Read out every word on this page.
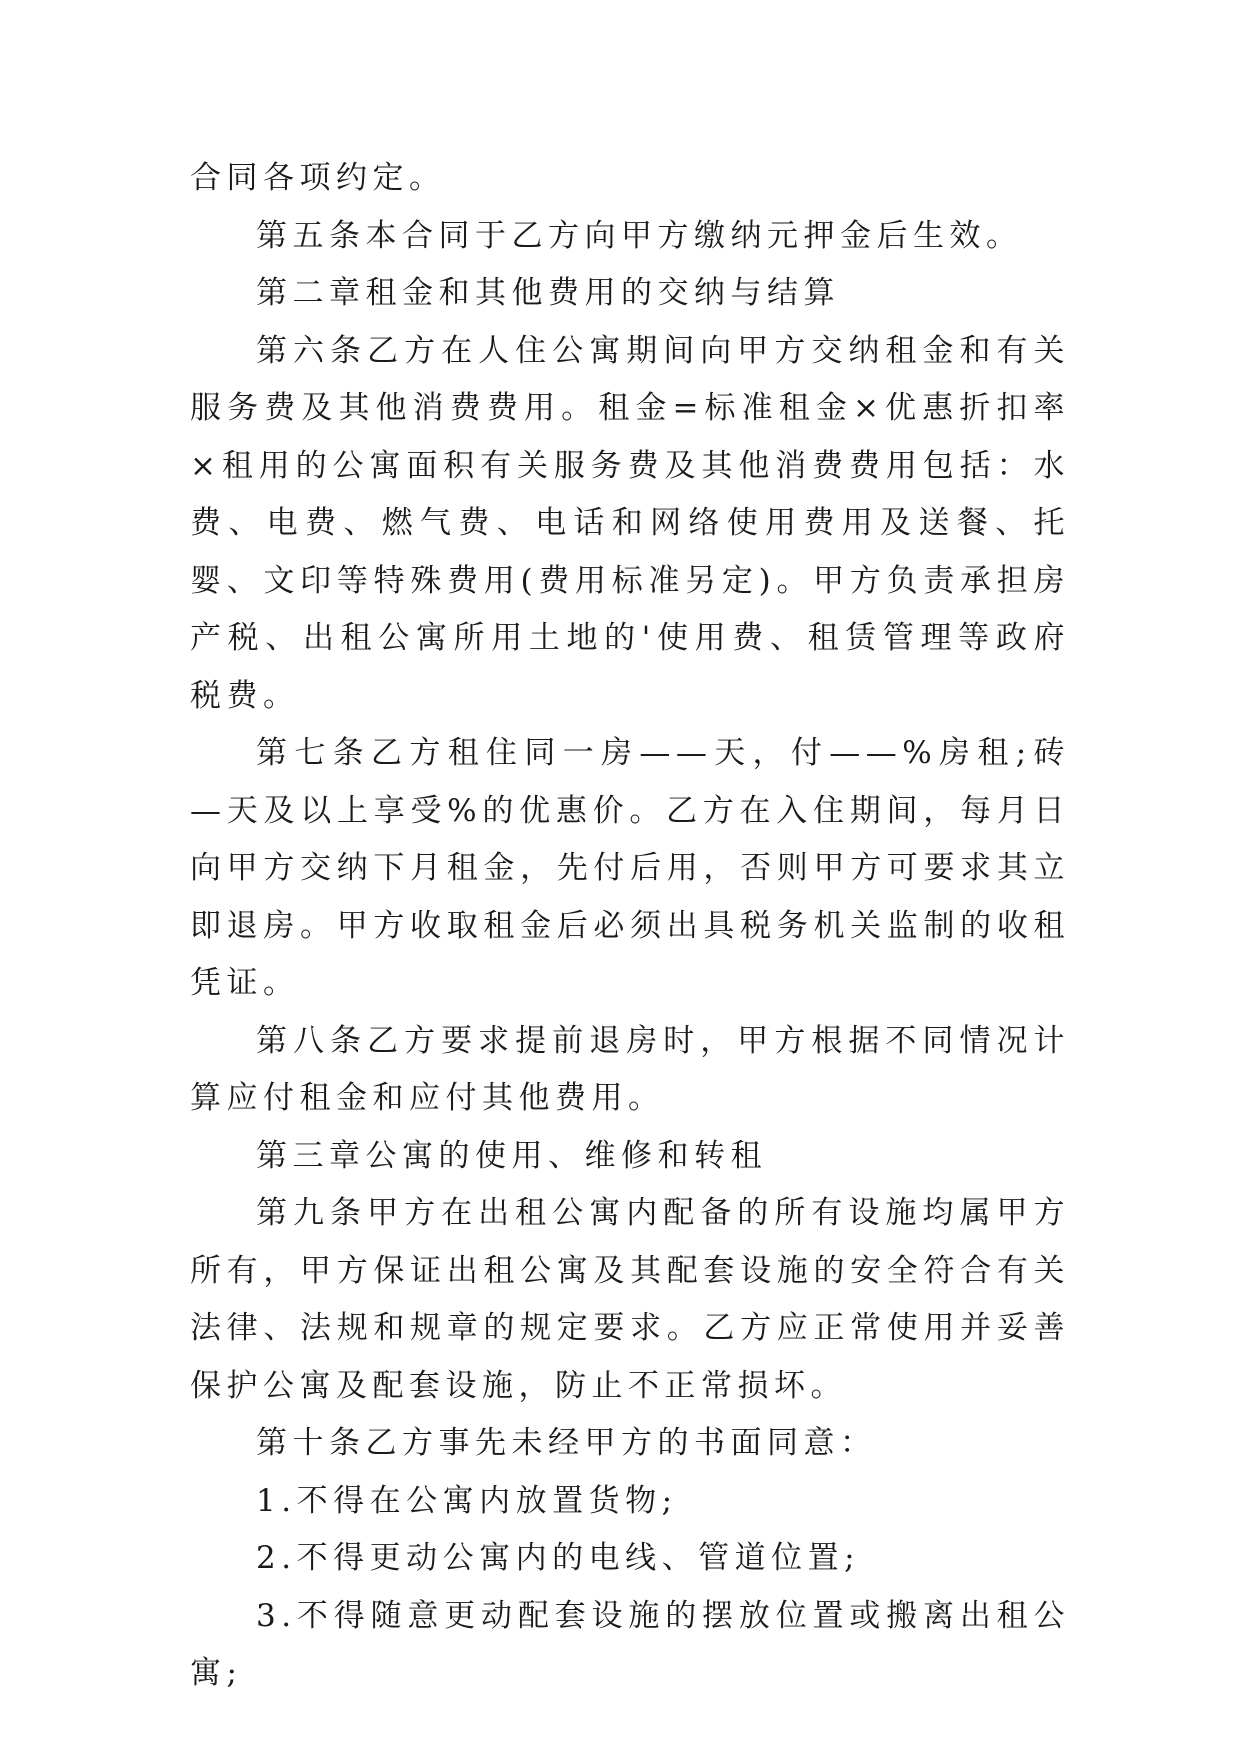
合同各项约定。

第五条本合同于乙方向甲方缴纳元押金后生效。

第二章租金和其他费用的交纳与结算

第六条乙方在人住公寓期间向甲方交纳租金和有关服务费及其他消费费用。租金=标准租金×优惠折扣率×租用的公寓面积有关服务费及其他消费费用包括：水费、电费、燃气费、电话和网络使用费用及送餐、托婴、文印等特殊费用(费用标准另定)。甲方负责承担房产税、出租公寓所用土地的'使用费、租赁管理等政府税费。

第七条乙方租住同一房——天，付——%房租;砖—天及以上享受%的优惠价。乙方在入住期间，每月日向甲方交纳下月租金，先付后用，否则甲方可要求其立即退房。甲方收取租金后必须出具税务机关监制的收租凭证。

第八条乙方要求提前退房时，甲方根据不同情况计算应付租金和应付其他费用。

第三章公寓的使用、维修和转租

第九条甲方在出租公寓内配备的所有设施均属甲方所有，甲方保证出租公寓及其配套设施的安全符合有关法律、法规和规章的规定要求。乙方应正常使用并妥善保护公寓及配套设施，防止不正常损坏。

第十条乙方事先未经甲方的书面同意：

1.不得在公寓内放置货物;

2.不得更动公寓内的电线、管道位置;

3.不得随意更动配套设施的摆放位置或搬离出租公寓;
